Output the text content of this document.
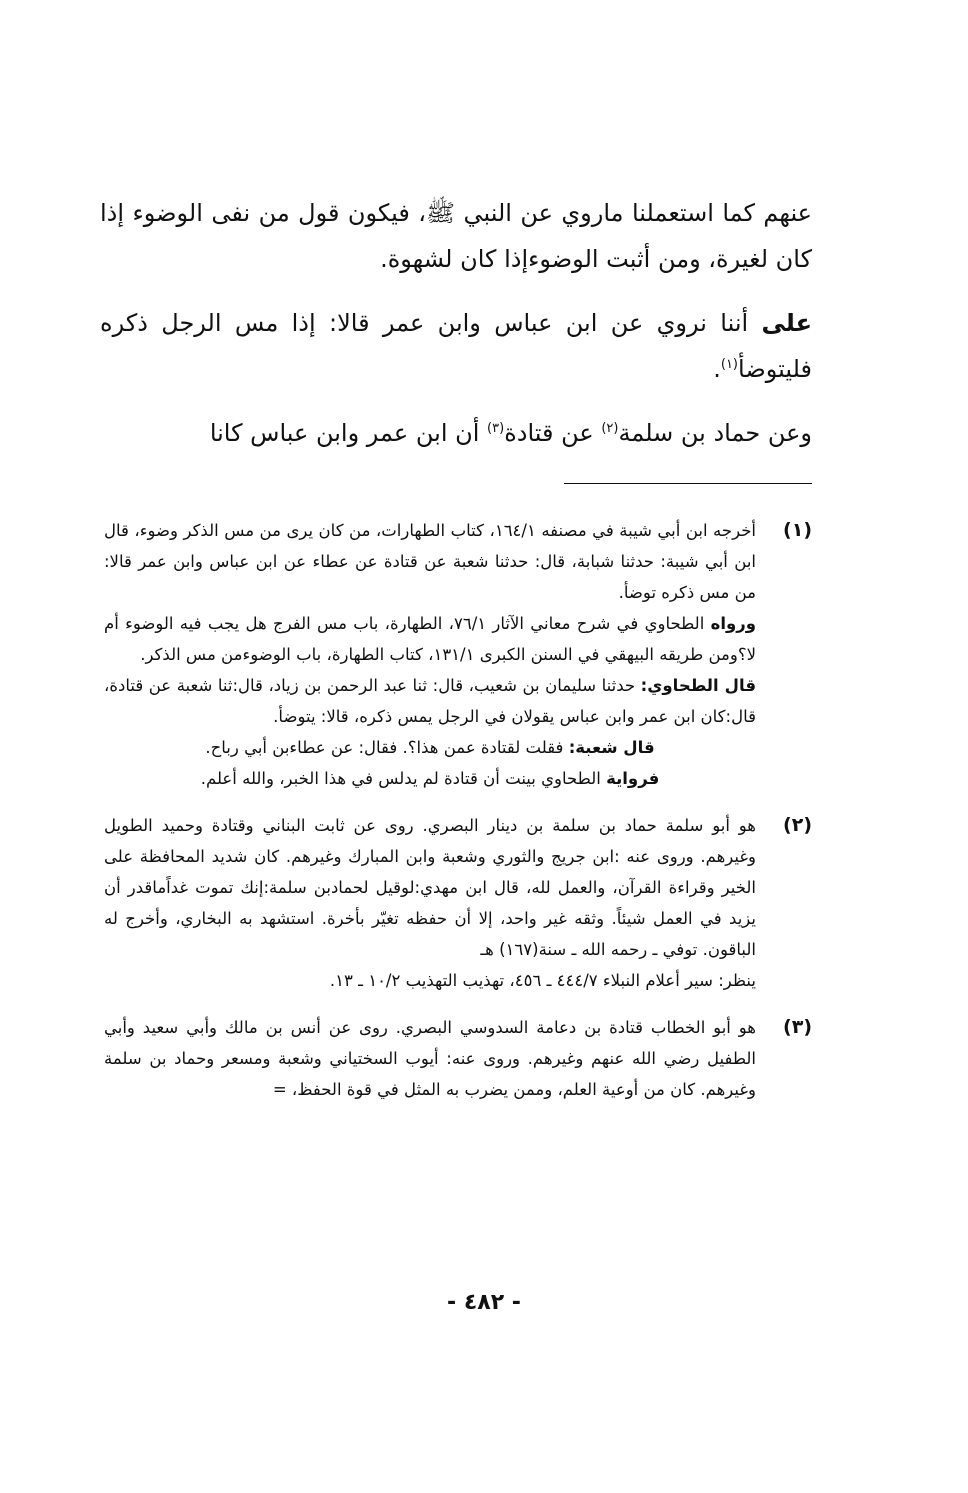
عنهم كما استعملنا ماروي عن النبي ﷺ، فيكون قول من نفى الوضوء إذا كان لغيرة، ومن أثبت الوضوءإذا كان لشهوة.

على أننا نروي عن ابن عباس وابن عمر قالا: إذا مس الرجل ذكره فليتوضأ$^{(١)}$.

وعن حماد بن سلمة$^{(٢)}$ عن قتادة$^{(٣)}$ أن ابن عمر وابن عباس كانا

(١)

أخرجه ابن أبي شيبة في مصنفه ١٦٤/١، كتاب الطهارات، من كان يرى من مس الذكر وضوء، قال ابن أبي شيبة: حدثنا شبابة، قال: حدثنا شعبة عن قتادة عن عطاء عن ابن عباس وابن عمر قالا: من مس ذكره توضأ.

ورواه الطحاوي في شرح معاني الآثار ٧٦/١، الطهارة، باب مس الفرج هل يجب فيه الوضوء أم لا؟ومن طريقه البيهقي في السنن الكبرى ١٣١/١، كتاب الطهارة، باب الوضوءمن مس الذكر.

قال الطحاوي: حدثنا سليمان بن شعيب، قال: ثنا عبد الرحمن بن زياد، قال:ثنا شعبة عن قتادة، قال:كان ابن عمر وابن عباس يقولان في الرجل يمس ذكره، قالا: يتوضأ.

قال شعبة: فقلت لقتادة عمن هذا؟. فقال: عن عطاءبن أبي رباح.

فرواية الطحاوي بينت أن قتادة لم يدلس في هذا الخبر، والله أعلم.

(٢)

هو أبو سلمة حماد بن سلمة بن دينار البصري. روى عن ثابت البناني وقتادة وحميد الطويل وغيرهم. وروى عنه :ابن جريج والثوري وشعبة وابن المبارك وغيرهم. كان شديد المحافظة على الخير وقراءة القرآن، والعمل لله، قال ابن مهدي:لوقيل لحمادبن سلمة:إنك تموت غداًماقدر أن يزيد في العمل شيئاً. وثقه غير واحد، إلا أن حفظه تغيّر بأخرة. استشهد به البخاري، وأخرج له الباقون. توفي ـ رحمه الله ـ سنة(١٦٧) هـ

ينظر: سير أعلام النبلاء ٤٤٤/٧ ـ ٤٥٦، تهذيب التهذيب ١٠/٢ ـ ١٣.

(٣)

هو أبو الخطاب قتادة بن دعامة السدوسي البصري. روى عن أنس بن مالك وأبي سعيد وأبي الطفيل رضي الله عنهم وغيرهم. وروى عنه: أيوب السختياني وشعبة ومسعر وحماد بن سلمة وغيرهم. كان من أوعية العلم، وممن يضرب به المثل في قوة الحفظ، =

- ٤٨٢ -
